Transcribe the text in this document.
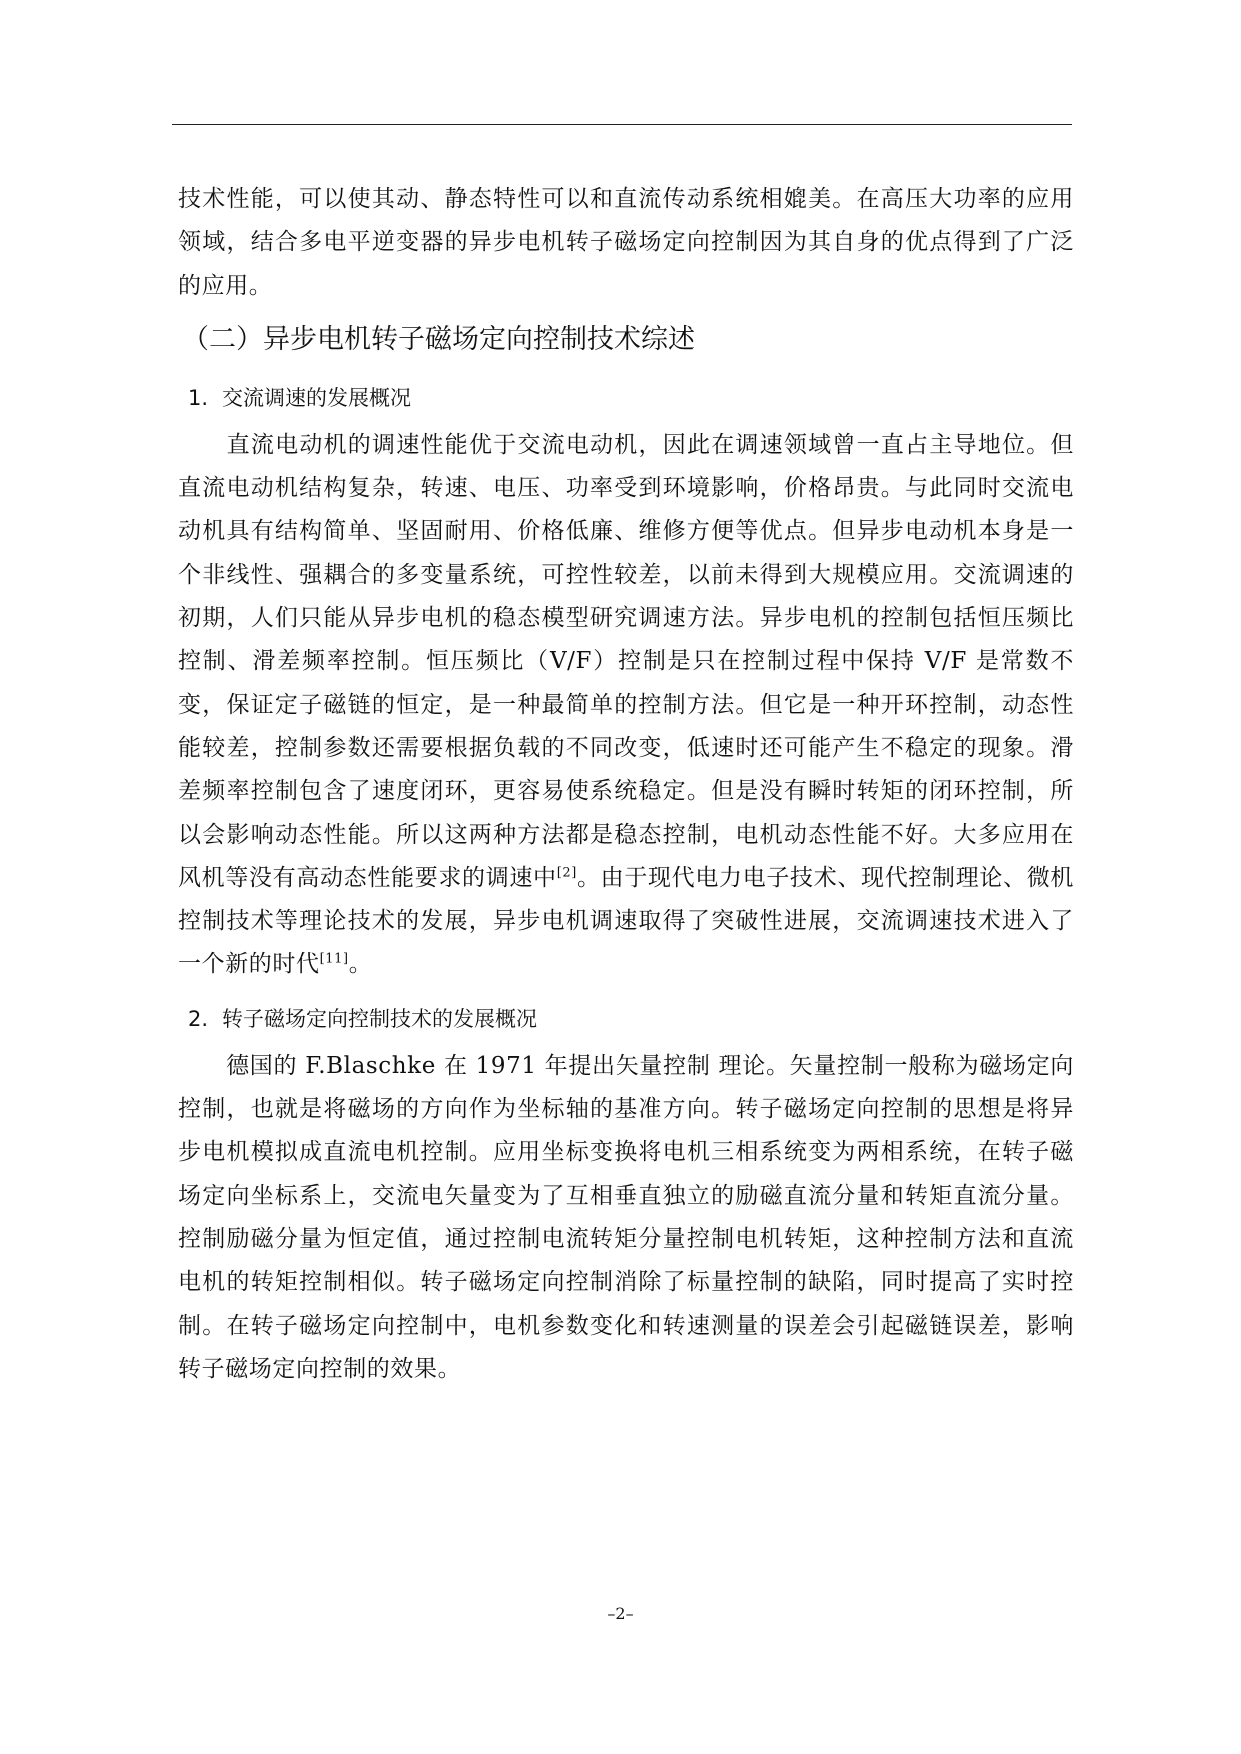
技术性能，可以使其动、静态特性可以和直流传动系统相媲美。在高压大功率的应用领域，结合多电平逆变器的异步电机转子磁场定向控制因为其自身的优点得到了广泛的应用。

（二）异步电机转子磁场定向控制技术综述
1. 交流调速的发展概况

直流电动机的调速性能优于交流电动机，因此在调速领域曾一直占主导地位。但直流电动机结构复杂，转速、电压、功率受到环境影响，价格昂贵。与此同时交流电动机具有结构简单、坚固耐用、价格低廉、维修方便等优点。但异步电动机本身是一个非线性、强耦合的多变量系统，可控性较差，以前未得到大规模应用。交流调速的初期，人们只能从异步电机的稳态模型研究调速方法。异步电机的控制包括恒压频比控制、滑差频率控制。恒压频比（V/F）控制是只在控制过程中保持 V/F 是常数不变，保证定子磁链的恒定，是一种最简单的控制方法。但它是一种开环控制，动态性能较差，控制参数还需要根据负载的不同改变，低速时还可能产生不稳定的现象。滑差频率控制包含了速度闭环，更容易使系统稳定。但是没有瞬时转矩的闭环控制，所以会影响动态性能。所以这两种方法都是稳态控制，电机动态性能不好。大多应用在风机等没有高动态性能要求的调速中[2]。由于现代电力电子技术、现代控制理论、微机控制技术等理论技术的发展，异步电机调速取得了突破性进展，交流调速技术进入了一个新的时代[11]。

2. 转子磁场定向控制技术的发展概况

德国的 F.Blaschke 在 1971 年提出矢量控制 理论。矢量控制一般称为磁场定向控制，也就是将磁场的方向作为坐标轴的基准方向。转子磁场定向控制的思想是将异步电机模拟成直流电机控制。应用坐标变换将电机三相系统变为两相系统，在转子磁场定向坐标系上，交流电矢量变为了互相垂直独立的励磁直流分量和转矩直流分量。控制励磁分量为恒定值，通过控制电流转矩分量控制电机转矩，这种控制方法和直流电机的转矩控制相似。转子磁场定向控制消除了标量控制的缺陷，同时提高了实时控制。在转子磁场定向控制中，电机参数变化和转速测量的误差会引起磁链误差，影响转子磁场定向控制的效果。

–2–
